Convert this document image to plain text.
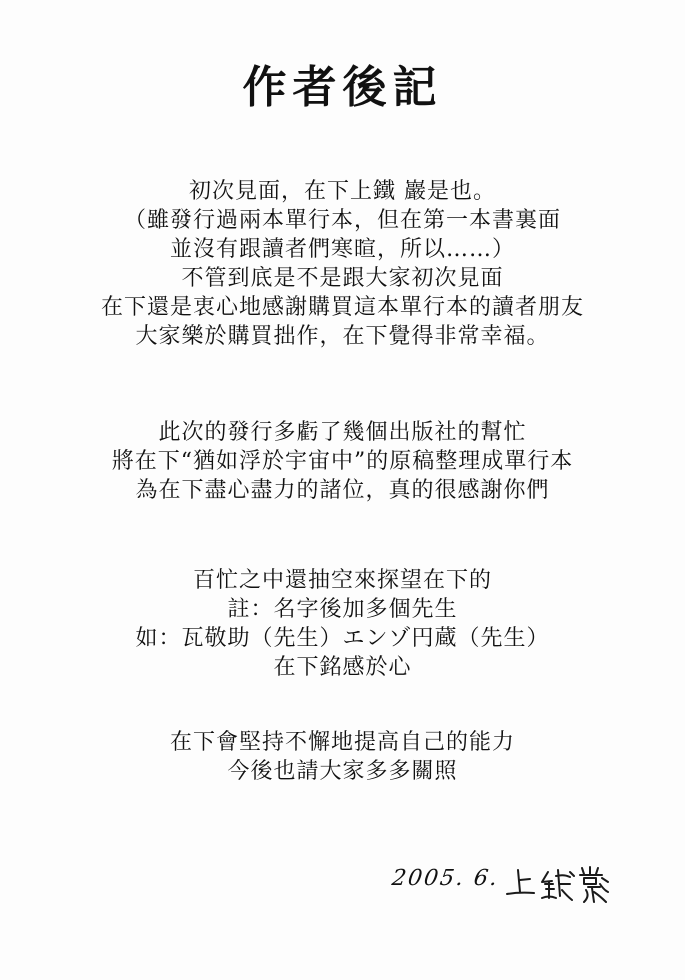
作者後記
初次見面，在下上鐵 巖是也。
（雖發行過兩本單行本，但在第一本書裏面
並沒有跟讀者們寒暄，所以……）
不管到底是不是跟大家初次見面
在下還是衷心地感謝購買這本單行本的讀者朋友
大家樂於購買拙作，在下覺得非常幸福。
此次的發行多虧了幾個出版社的幫忙
將在下“猶如浮於宇宙中”的原稿整理成單行本
為在下盡心盡力的諸位，真的很感謝你們
百忙之中還抽空來探望在下的
註：名字後加多個先生
如：瓦敬助（先生）エンゾ円蔵（先生）
在下銘感於心
在下會堅持不懈地提高自己的能力
今後也請大家多多關照
2005. 6.
